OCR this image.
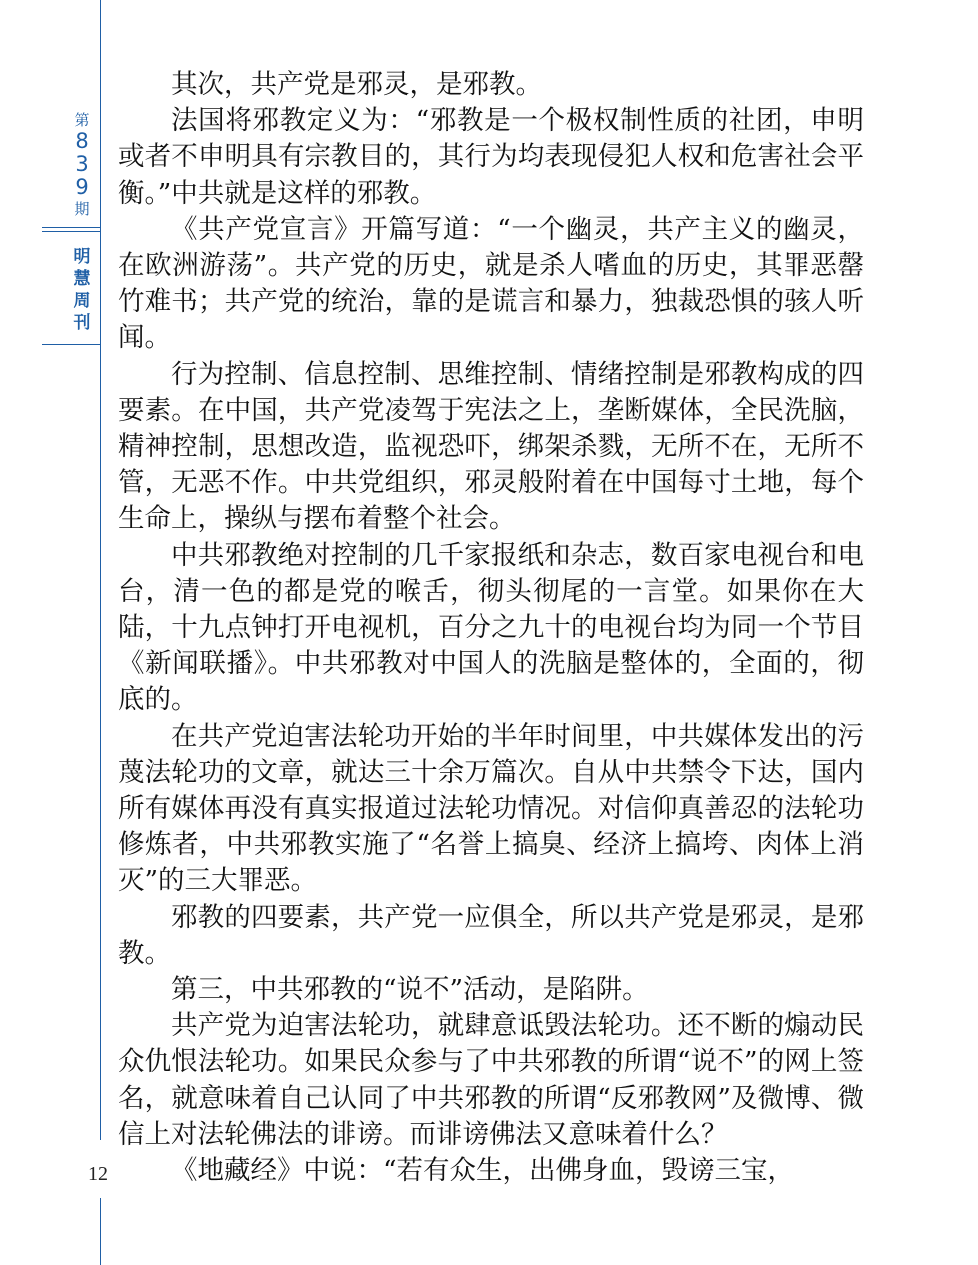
第
8
3
9
期
明
慧
周
刊
12

其次，共产党是邪灵，是邪教。

法国将邪教定义为：“邪教是一个极权制性质的社团，申明或者不申明具有宗教目的，其行为均表现侵犯人权和危害社会平衡。”中共就是这样的邪教。

《共产党宣言》开篇写道：“一个幽灵，共产主义的幽灵，在欧洲游荡”。共产党的历史，就是杀人嗜血的历史，其罪恶罄竹难书；共产党的统治，靠的是谎言和暴力，独裁恐惧的骇人听闻。

行为控制、信息控制、思维控制、情绪控制是邪教构成的四要素。在中国，共产党凌驾于宪法之上，垄断媒体，全民洗脑，精神控制，思想改造，监视恐吓，绑架杀戮，无所不在，无所不管，无恶不作。中共党组织，邪灵般附着在中国每寸土地，每个生命上，操纵与摆布着整个社会。

中共邪教绝对控制的几千家报纸和杂志，数百家电视台和电台，清一色的都是党的喉舌，彻头彻尾的一言堂。如果你在大陆，十九点钟打开电视机，百分之九十的电视台均为同一个节目《新闻联播》。中共邪教对中国人的洗脑是整体的，全面的，彻底的。

在共产党迫害法轮功开始的半年时间里，中共媒体发出的污蔑法轮功的文章，就达三十余万篇次。自从中共禁令下达，国内所有媒体再没有真实报道过法轮功情况。对信仰真善忍的法轮功修炼者，中共邪教实施了“名誉上搞臭、经济上搞垮、肉体上消灭”的三大罪恶。

邪教的四要素，共产党一应俱全，所以共产党是邪灵，是邪教。

第三，中共邪教的“说不”活动，是陷阱。

共产党为迫害法轮功，就肆意诋毁法轮功。还不断的煽动民众仇恨法轮功。如果民众参与了中共邪教的所谓“说不”的网上签名，就意味着自己认同了中共邪教的所谓“反邪教网”及微博、微信上对法轮佛法的诽谤。而诽谤佛法又意味着什么？

《地藏经》中说：“若有众生，出佛身血，毁谤三宝，
